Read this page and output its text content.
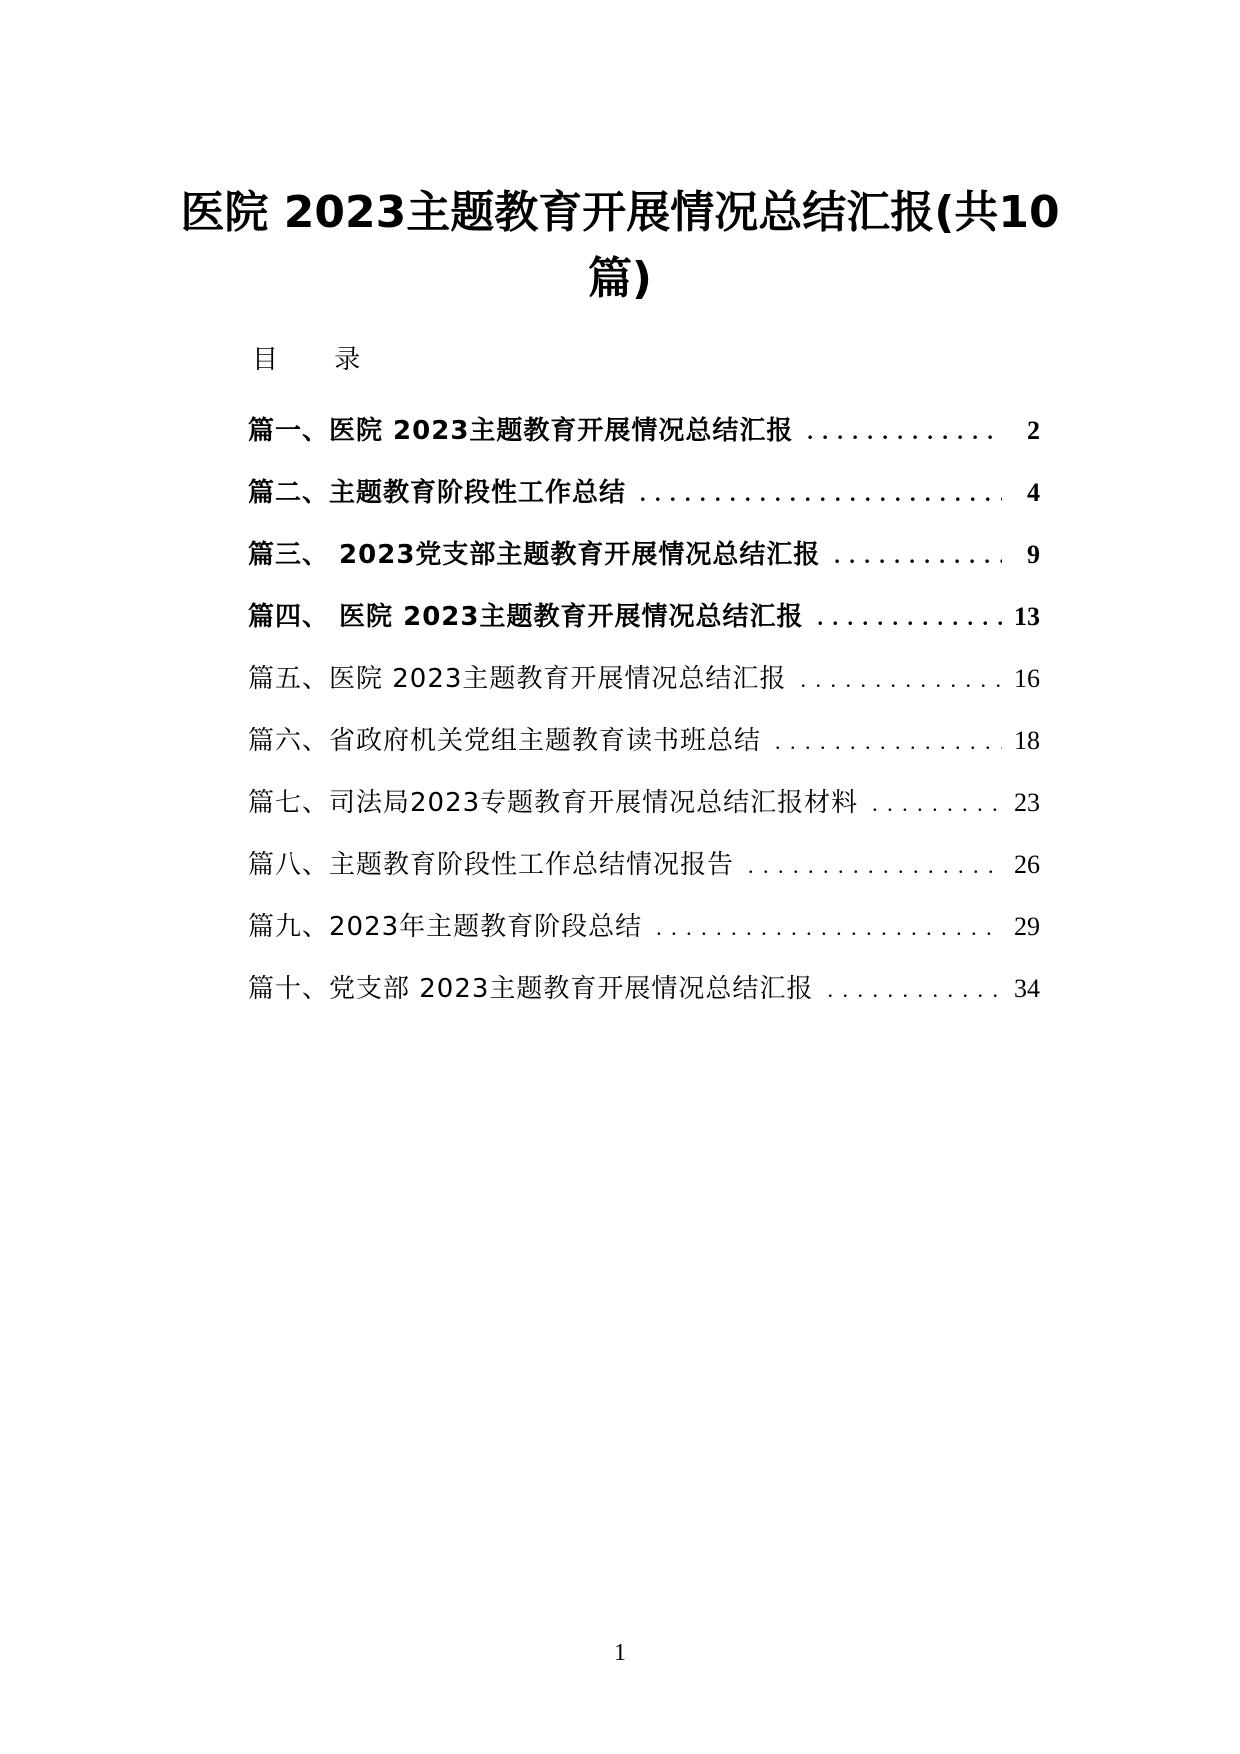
医院 2023主题教育开展情况总结汇报(共10 篇)
目 录
篇一、医院 2023主题教育开展情况总结汇报 . . .	2
篇二、主题教育阶段性工作总结 . . .	4
篇三、 2023党支部主题教育开展情况总结汇报 . . .	9
篇四、 医院 2023主题教育开展情况总结汇报 . . .	13
篇五、医院 2023主题教育开展情况总结汇报 . . .	16
篇六、省政府机关党组主题教育读书班总结 . . .	18
篇七、司法局2023专题教育开展情况总结汇报材料 . . .	23
篇八、主题教育阶段性工作总结情况报告 . . .	26
篇九、2023年主题教育阶段总结 . . .	29
篇十、党支部 2023主题教育开展情况总结汇报 . . .	34
1
